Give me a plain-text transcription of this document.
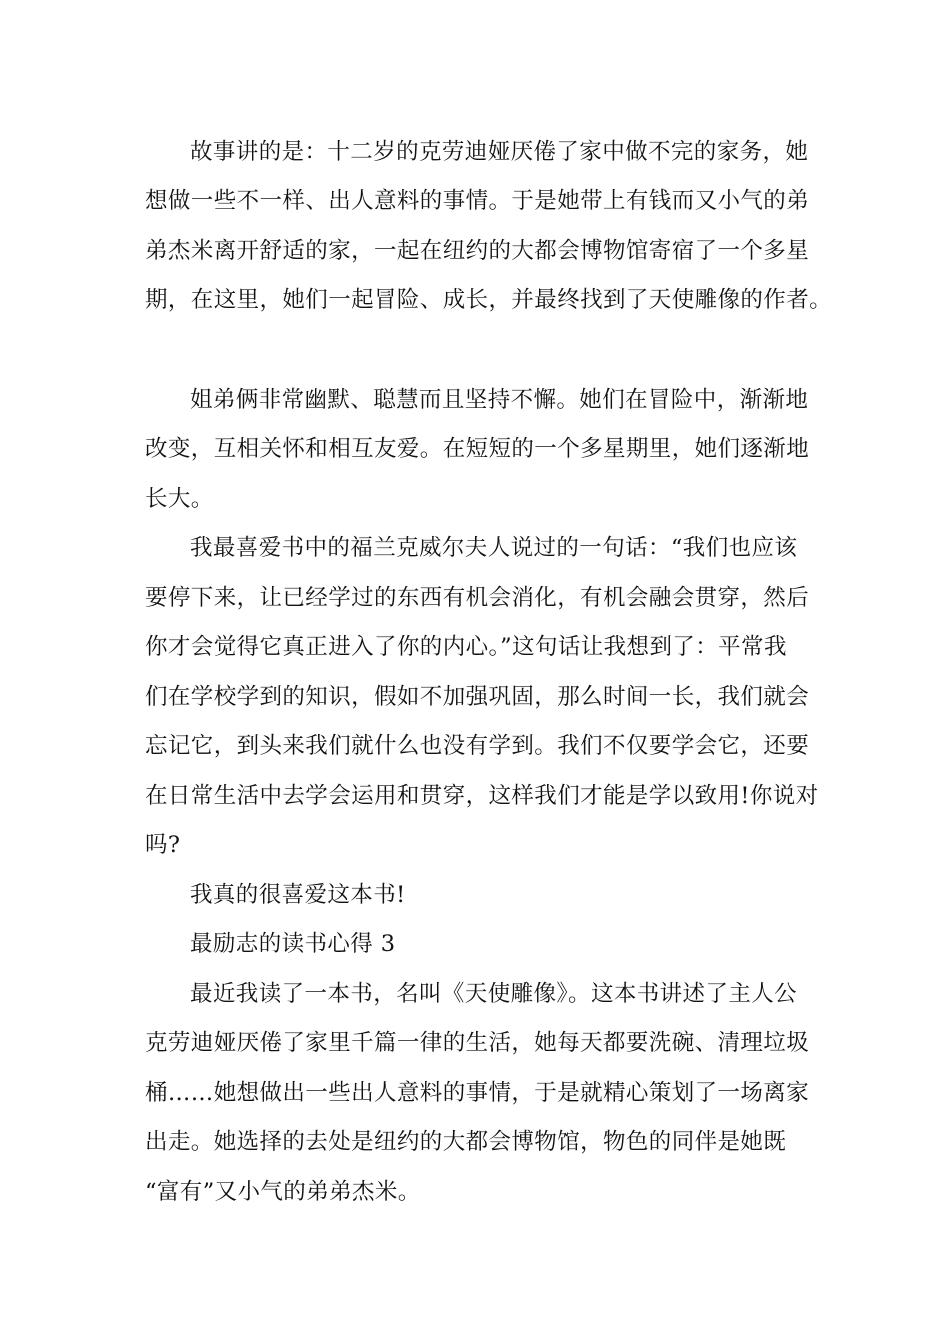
故事讲的是：十二岁的克劳迪娅厌倦了家中做不完的家务，她
想做一些不一样、出人意料的事情。于是她带上有钱而又小气的弟
弟杰米离开舒适的家，一起在纽约的大都会博物馆寄宿了一个多星
期，在这里，她们一起冒险、成长，并最终找到了天使雕像的作者。
姐弟俩非常幽默、聪慧而且坚持不懈。她们在冒险中，渐渐地
改变，互相关怀和相互友爱。在短短的一个多星期里，她们逐渐地
长大。
我最喜爱书中的福兰克威尔夫人说过的一句话：“我们也应该
要停下来，让已经学过的东西有机会消化，有机会融会贯穿，然后
你才会觉得它真正进入了你的内心。”这句话让我想到了：平常我
们在学校学到的知识，假如不加强巩固，那么时间一长，我们就会
忘记它，到头来我们就什么也没有学到。我们不仅要学会它，还要
在日常生活中去学会运用和贯穿，这样我们才能是学以致用!你说对
吗?
我真的很喜爱这本书!
最励志的读书心得 3
最近我读了一本书，名叫《天使雕像》。这本书讲述了主人公
克劳迪娅厌倦了家里千篇一律的生活，她每天都要洗碗、清理垃圾
桶……她想做出一些出人意料的事情，于是就精心策划了一场离家
出走。她选择的去处是纽约的大都会博物馆，物色的同伴是她既
“富有”又小气的弟弟杰米。
